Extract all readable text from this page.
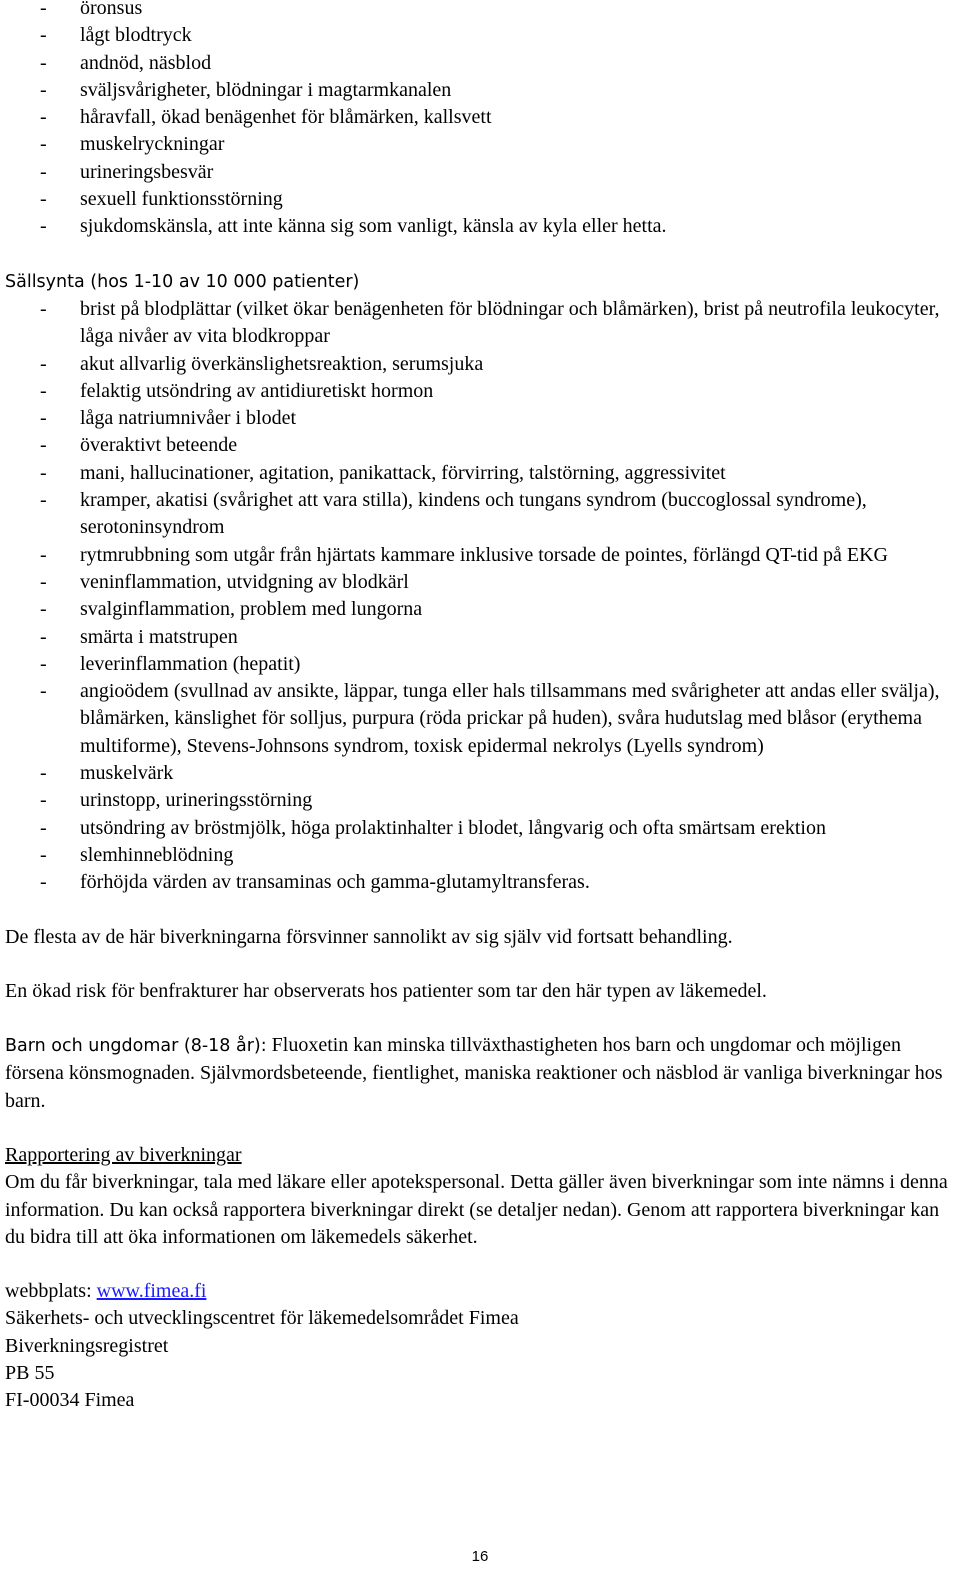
- öronsus
- lågt blodtryck
- andnöd, näsblod
- sväljsvårigheter, blödningar i magtarmkanalen
- håravfall, ökad benägenhet för blåmärken, kallsvett
- muskelryckningar
- urineringsbesvär
- sexuell funktionsstörning
- sjukdomskänsla, att inte känna sig som vanligt, känsla av kyla eller hetta.
Sällsynta (hos 1-10 av 10 000 patienter)
- brist på blodplättar (vilket ökar benägenheten för blödningar och blåmärken), brist på neutrofila leukocyter, låga nivåer av vita blodkroppar
- akut allvarlig överkänslighetsreaktion, serumsjuka
- felaktig utsöndring av antidiuretiskt hormon
- låga natriumnivåer i blodet
- överaktivt beteende
- mani, hallucinationer, agitation, panikattack, förvirring, talstörning, aggressivitet
- kramper, akatisi (svårighet att vara stilla), kindens och tungans syndrom (buccoglossal syndrome), serotoninsyndrom
- rytmrubbning som utgår från hjärtats kammare inklusive torsade de pointes, förlängd QT-tid på EKG
- veninflammation, utvidgning av blodkärl
- svalginflammation, problem med lungorna
- smärta i matstrupen
- leverinflammation (hepatit)
- angioödem (svullnad av ansikte, läppar, tunga eller hals tillsammans med svårigheter att andas eller svälja), blåmärken, känslighet för solljus, purpura (röda prickar på huden), svåra hudutslag med blåsor (erythema multiforme), Stevens-Johnsons syndrom, toxisk epidermal nekrolys (Lyells syndrom)
- muskelvärk
- urinstopp, urineringsstörning
- utsöndring av bröstmjölk, höga prolaktinhalter i blodet, långvarig och ofta smärtsam erektion
- slemhinneblödning
- förhöjda värden av transaminas och gamma-glutamyltransferas.

De flesta av de här biverkningarna försvinner sannolikt av sig själv vid fortsatt behandling.

En ökad risk för benfrakturer har observerats hos patienter som tar den här typen av läkemedel.

Barn och ungdomar (8-18 år): Fluoxetin kan minska tillväxthastigheten hos barn och ungdomar och möjligen försena könsmognaden. Självmordsbeteende, fientlighet, maniska reaktioner och näsblod är vanliga biverkningar hos barn.

Rapportering av biverkningar

Om du får biverkningar, tala med läkare eller apotekspersonal. Detta gäller även biverkningar som inte nämns i denna information. Du kan också rapportera biverkningar direkt (se detaljer nedan). Genom att rapportera biverkningar kan du bidra till att öka informationen om läkemedels säkerhet.

webbplats: www.fimea.fi

Säkerhets- och utvecklingscentret för läkemedelsområdet Fimea

Biverkningsregistret

PB 55

FI-00034 Fimea

16
